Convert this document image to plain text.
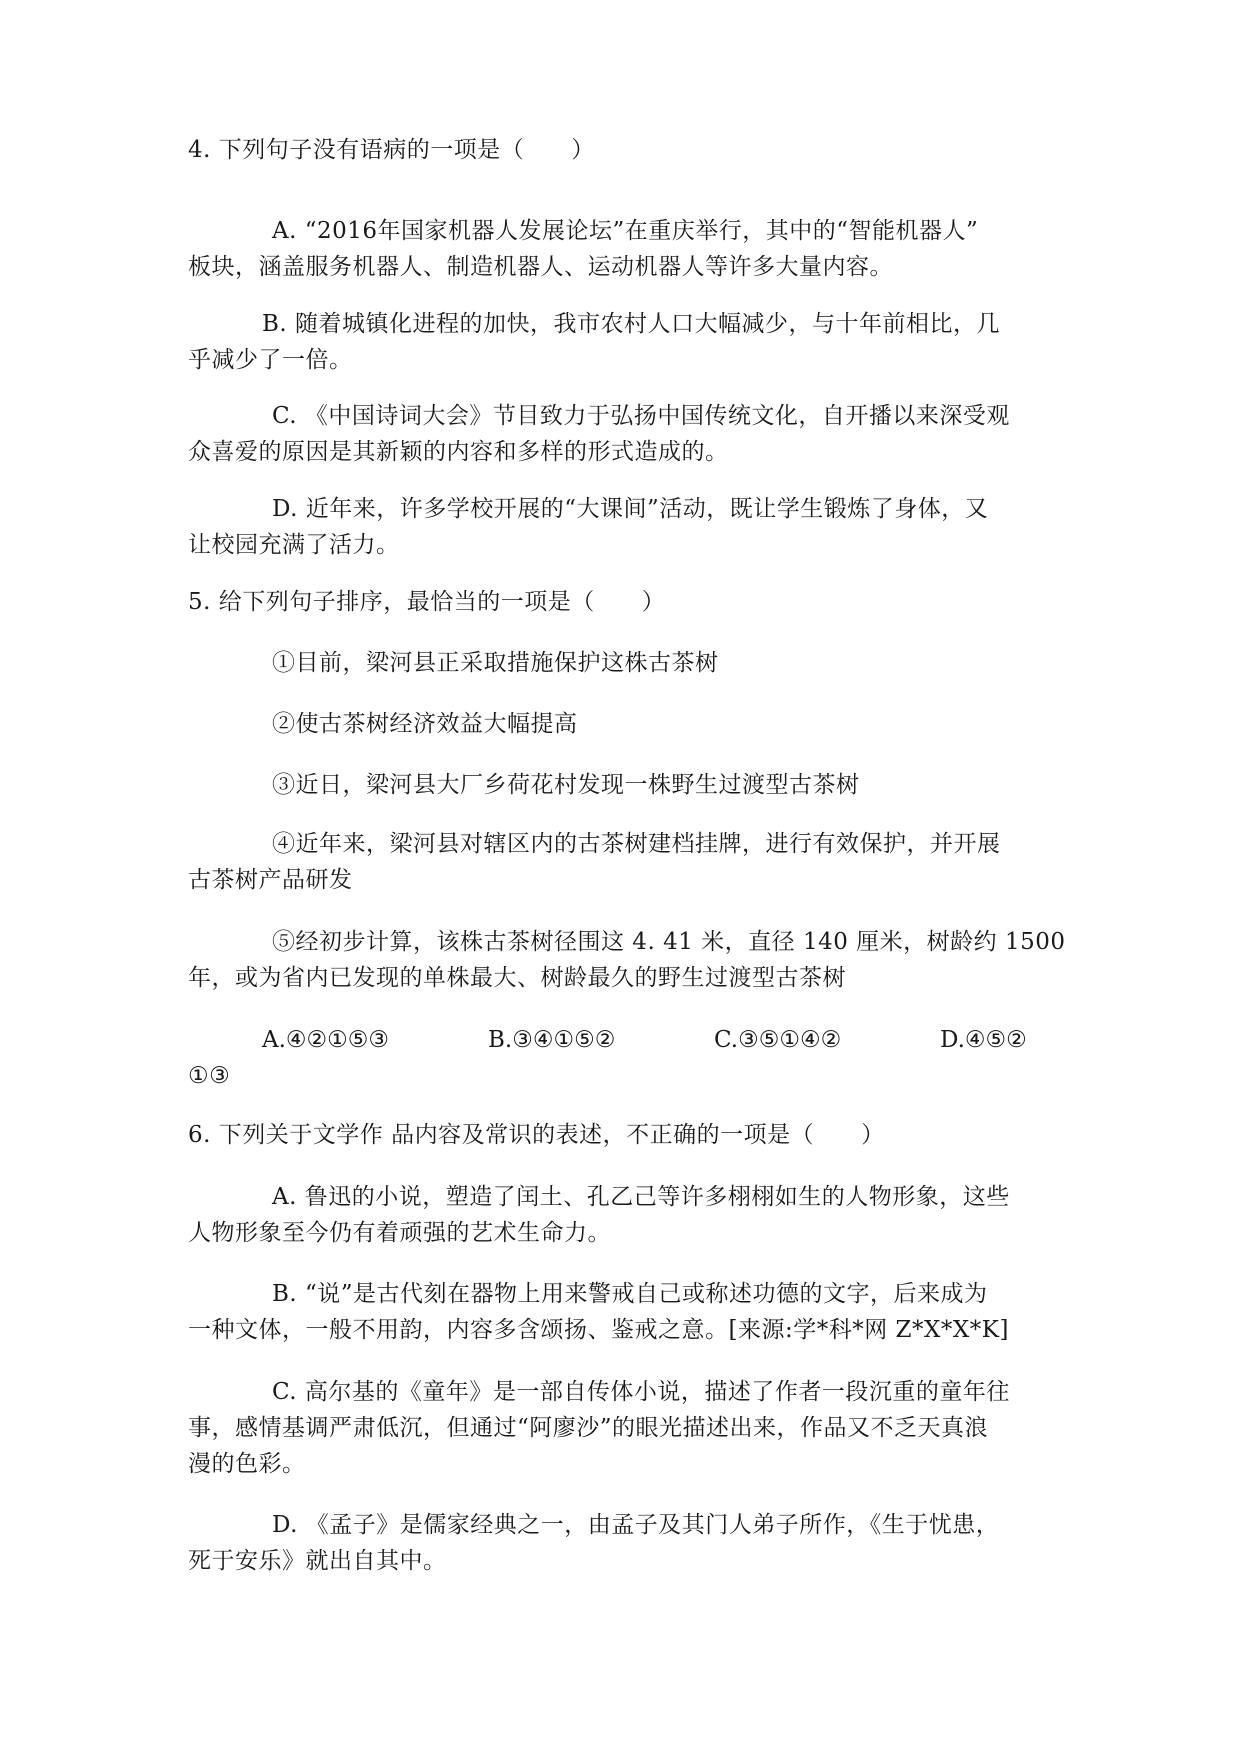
4. 下列句子没有语病的一项是（　　）
A. “2016年国家机器人发展论坛”在重庆举行，其中的“智能机器人”
板块，涵盖服务机器人、制造机器人、运动机器人等许多大量内容。
B. 随着城镇化进程的加快，我市农村人口大幅减少，与十年前相比，几
乎减少了一倍。
C. 《中国诗词大会》节目致力于弘扬中国传统文化，自开播以来深受观
众喜爱的原因是其新颖的内容和多样的形式造成的。
D. 近年来，许多学校开展的“大课间”活动，既让学生锻炼了身体，又
让校园充满了活力。
5. 给下列句子排序，最恰当的一项是（　　）
①目前，梁河县正采取措施保护这株古茶树
②使古茶树经济效益大幅提高
③近日，梁河县大厂乡荷花村发现一株野生过渡型古茶树
④近年来，梁河县对辖区内的古茶树建档挂牌，进行有效保护，并开展
古茶树产品研发
⑤经初步计算，该株古茶树径围这 4. 41 米，直径 140 厘米，树龄约 1500
年，或为省内已发现的单株最大、树龄最久的野生过渡型古茶树
A.④②①⑤③	B.③④①⑤②	C.③⑤①④②	D.④⑤②
①③
6. 下列关于文学作 品内容及常识的表述，不正确的一项是（　　）
A. 鲁迅的小说，塑造了闰土、孔乙己等许多栩栩如生的人物形象，这些
人物形象至今仍有着顽强的艺术生命力。
B. “说”是古代刻在器物上用来警戒自己或称述功德的文字，后来成为
一种文体，一般不用韵，内容多含颂扬、鉴戒之意。[来源:学*科*网 Z*X*X*K]
C. 高尔基的《童年》是一部自传体小说，描述了作者一段沉重的童年往
事，感情基调严肃低沉，但通过“阿廖沙”的眼光描述出来，作品又不乏天真浪
漫的色彩。
D. 《孟子》是儒家经典之一，由孟子及其门人弟子所作，《生于忧患，
死于安乐》就出自其中。
